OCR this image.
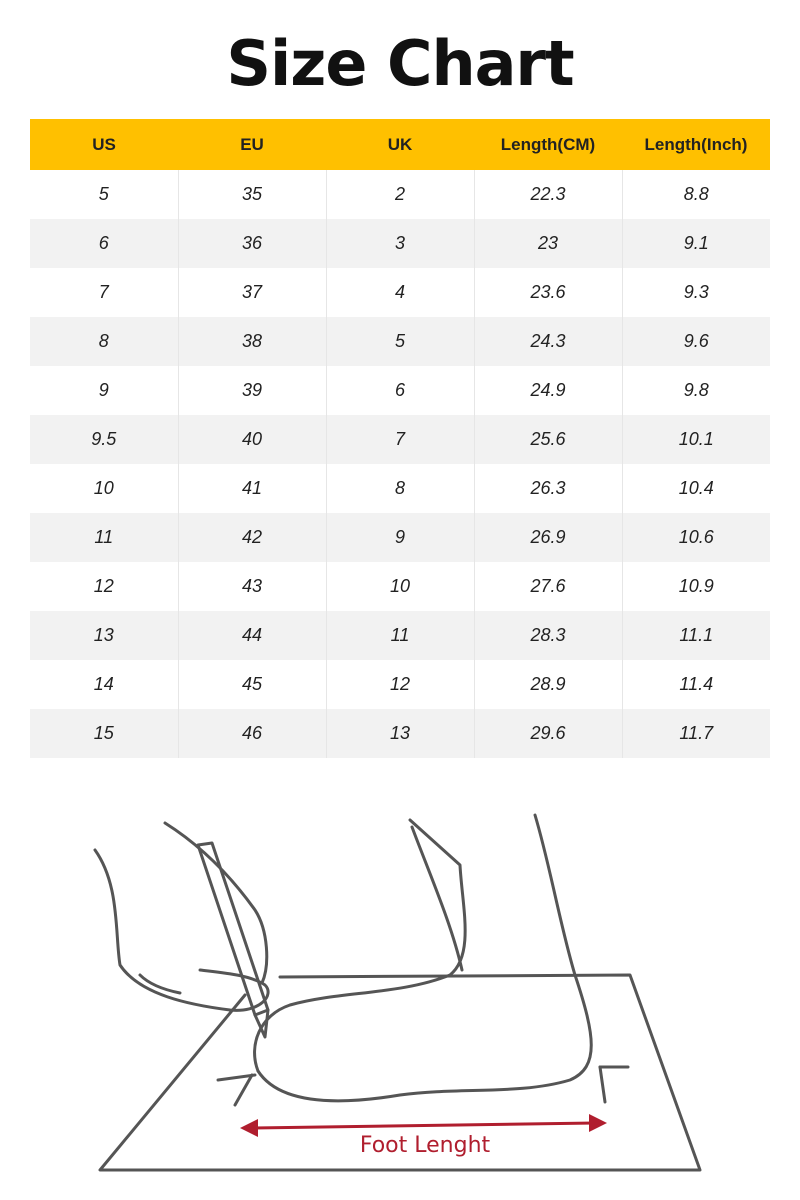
Size Chart
US	EU	UK	Length(CM)	Length(Inch)
5	35	2	22.3	8.8
6	36	3	23	9.1
7	37	4	23.6	9.3
8	38	5	24.3	9.6
9	39	6	24.9	9.8
9.5	40	7	25.6	10.1
10	41	8	26.3	10.4
11	42	9	26.9	10.6
12	43	10	27.6	10.9
13	44	11	28.3	11.1
14	45	12	28.9	11.4
15	46	13	29.6	11.7
Foot Lenght
